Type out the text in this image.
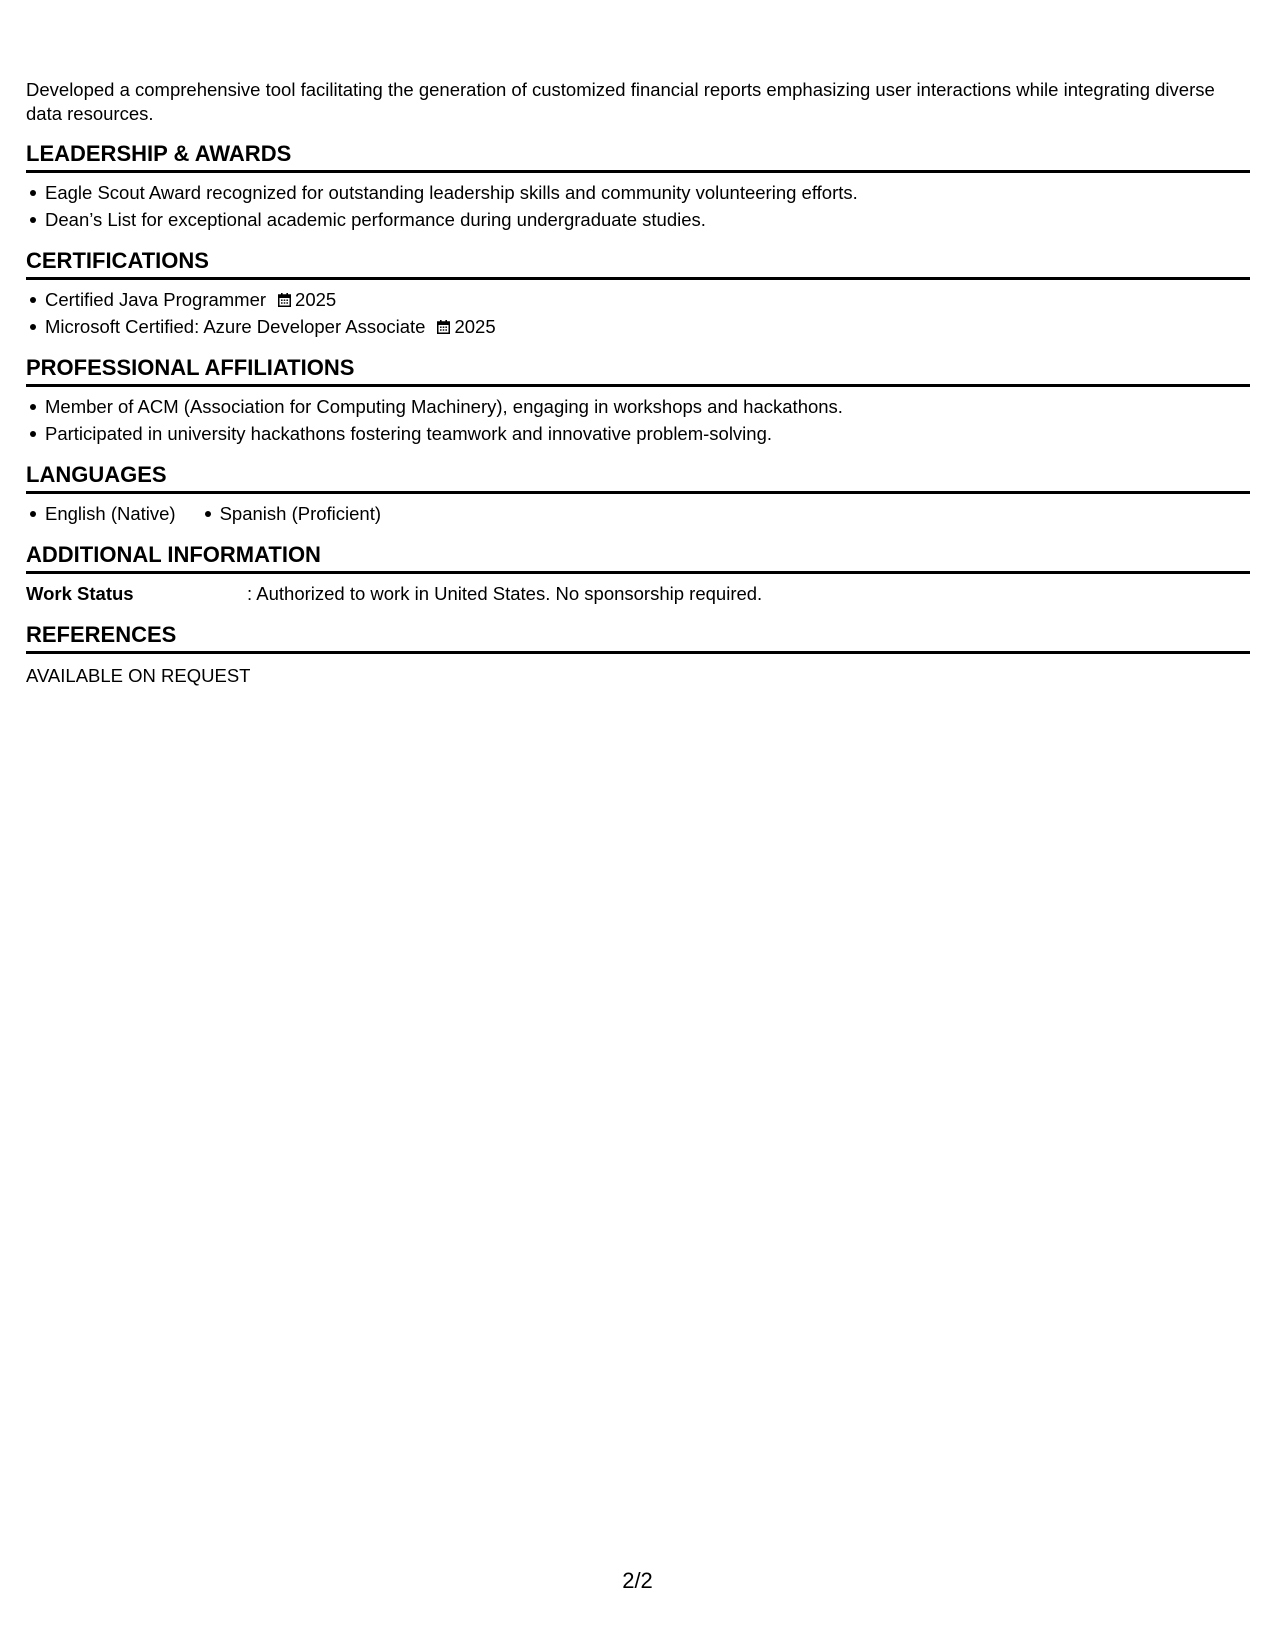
Developed a comprehensive tool facilitating the generation of customized financial reports emphasizing user interactions while integrating diverse data resources.

LEADERSHIP & AWARDS
Eagle Scout Award recognized for outstanding leadership skills and community volunteering efforts.
Dean’s List for exceptional academic performance during undergraduate studies.
CERTIFICATIONS
Certified Java Programmer 2025
Microsoft Certified: Azure Developer Associate 2025
PROFESSIONAL AFFILIATIONS
Member of ACM (Association for Computing Machinery), engaging in workshops and hackathons.
Participated in university hackathons fostering teamwork and innovative problem-solving.
LANGUAGES
English (Native) Spanish (Proficient)
ADDITIONAL INFORMATION
Work Status	: Authorized to work in United States. No sponsorship required.
REFERENCES

AVAILABLE ON REQUEST

2/2
